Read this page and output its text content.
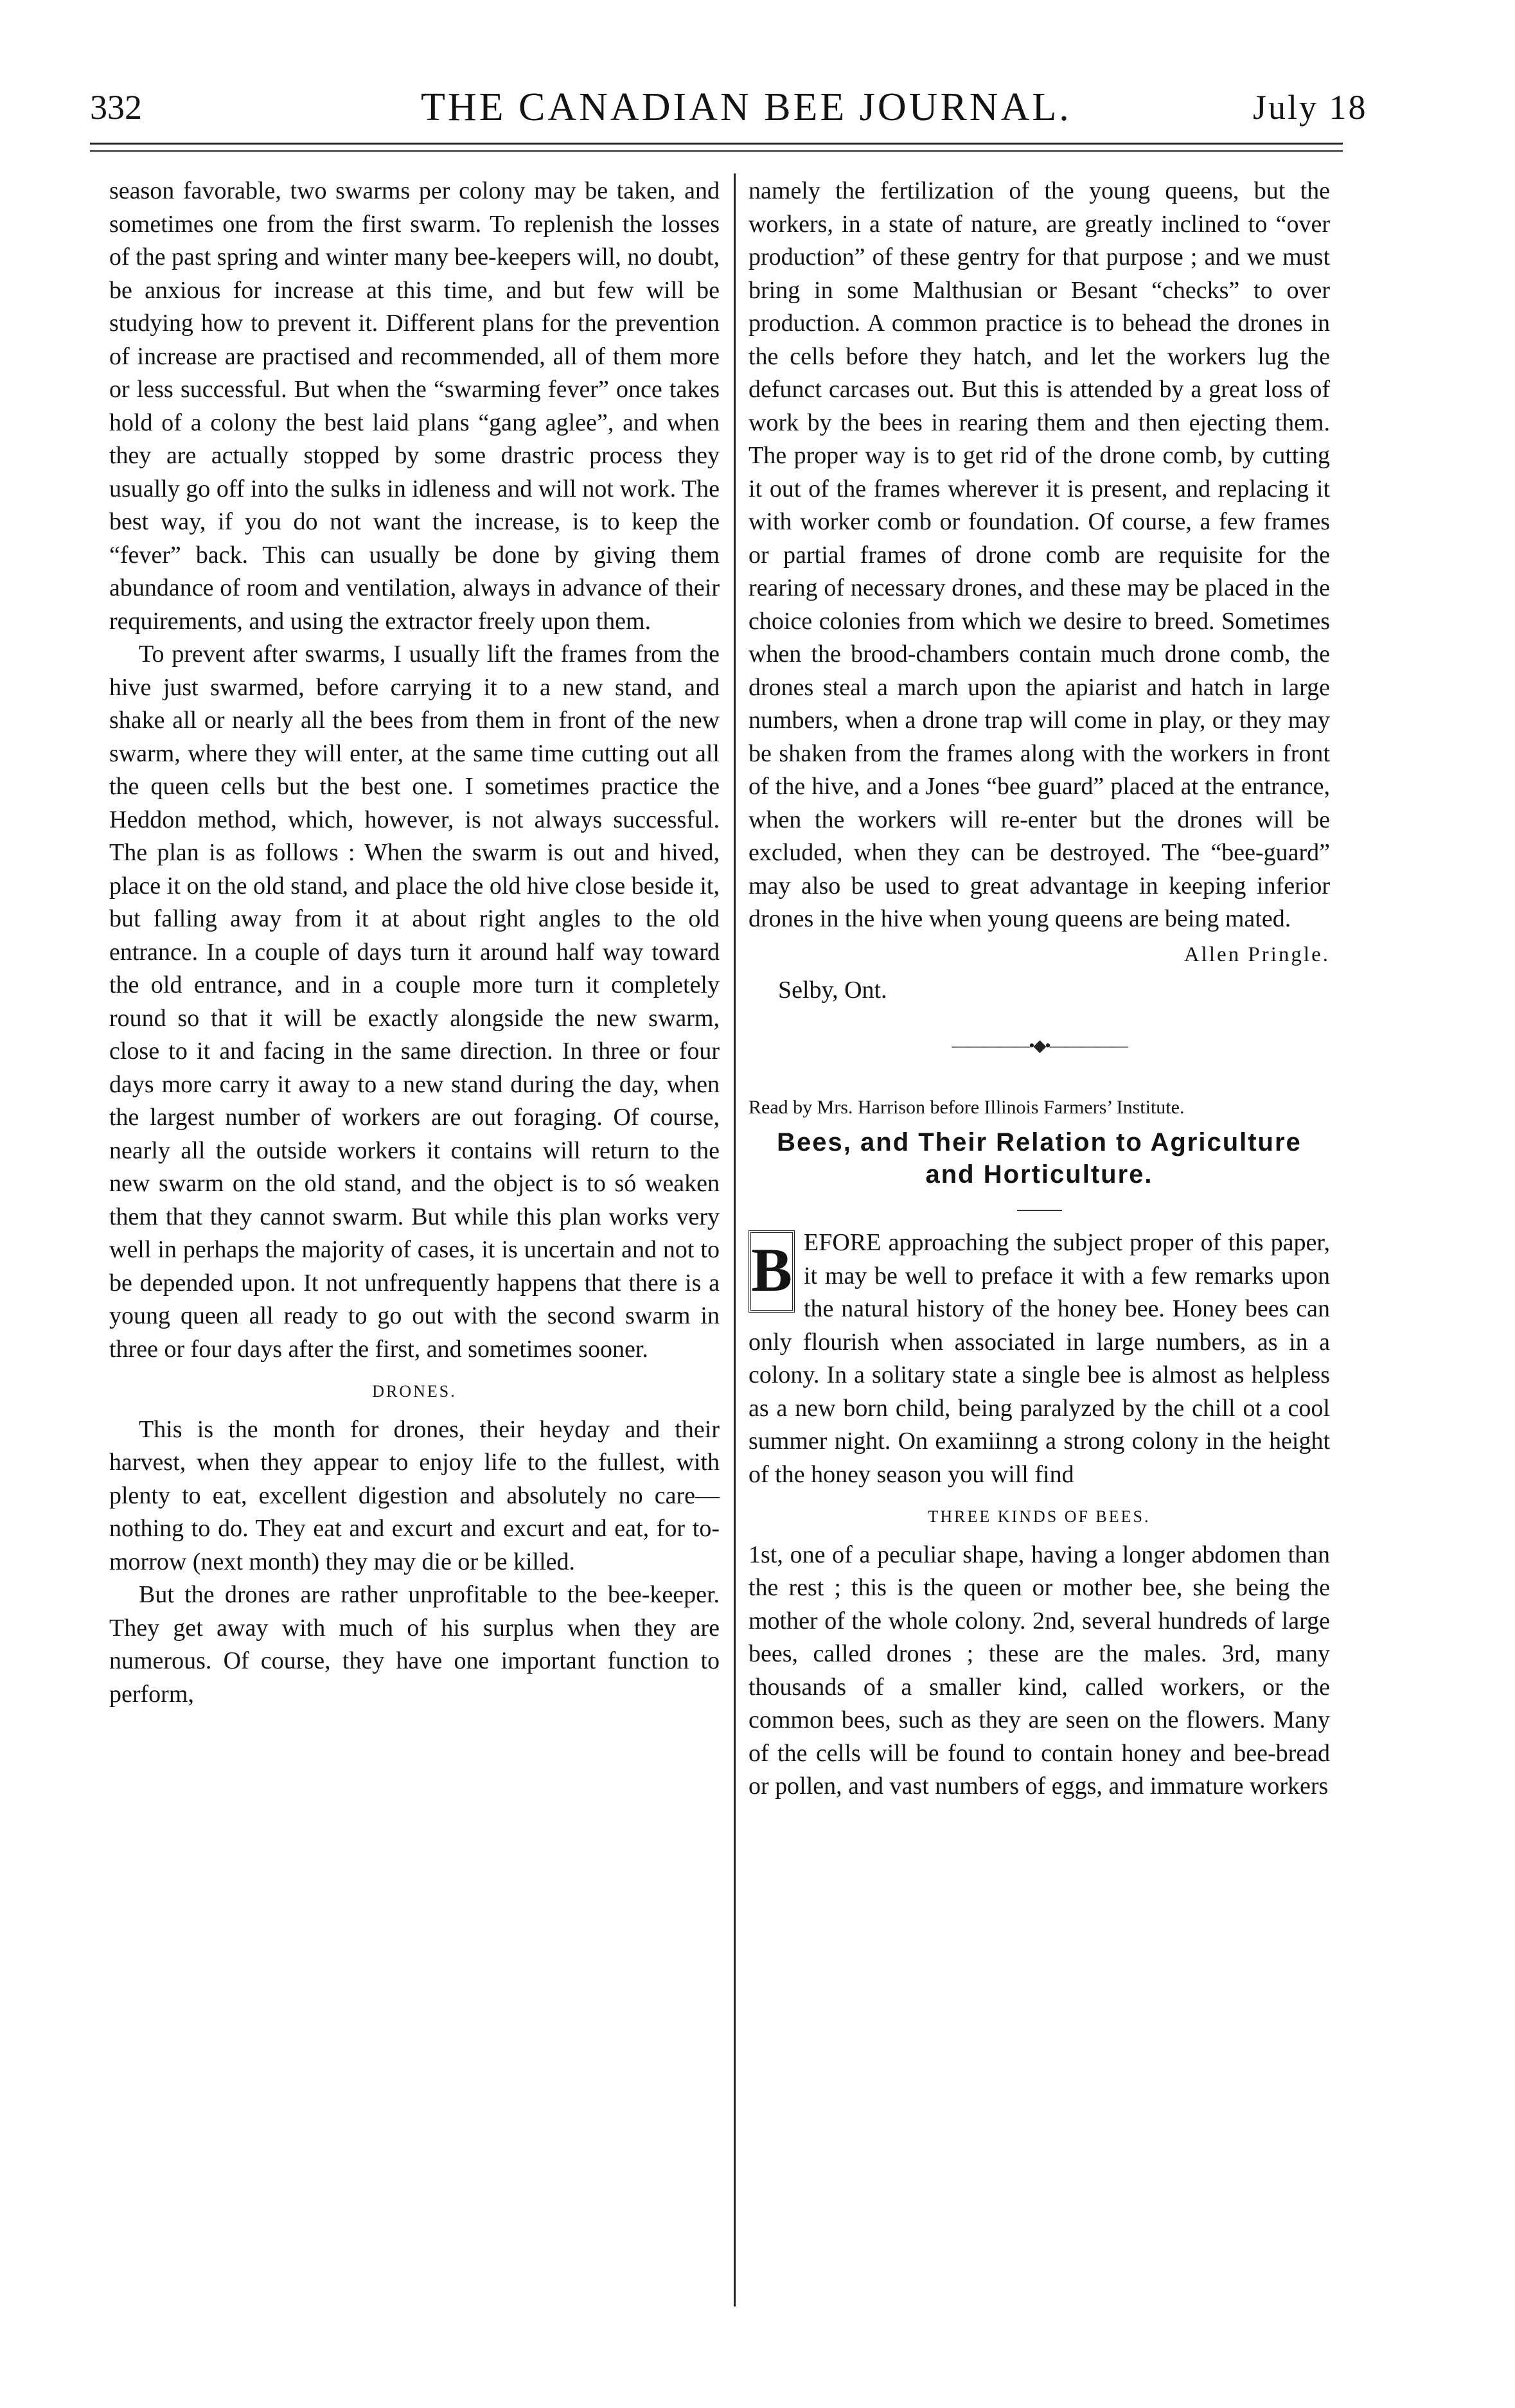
332	THE CANADIAN BEE JOURNAL.	July 18

season favorable, two swarms per colony may be taken, and sometimes one from the first swarm. To replenish the losses of the past spring and winter many bee-keepers will, no doubt, be anxious for increase at this time, and but few will be studying how to prevent it. Different plans for the prevention of increase are practised and recommended, all of them more or less successful. But when the “swarming fever” once takes hold of a colony the best laid plans “gang aglee”, and when they are actually stopped by some drastric process they usually go off into the sulks in idleness and will not work. The best way, if you do not want the increase, is to keep the “fever” back. This can usually be done by giving them abundance of room and ventilation, always in advance of their requirements, and using the extractor freely upon them.

To prevent after swarms, I usually lift the frames from the hive just swarmed, before carrying it to a new stand, and shake all or nearly all the bees from them in front of the new swarm, where they will enter, at the same time cutting out all the queen cells but the best one. I sometimes practice the Heddon method, which, however, is not always successful. The plan is as follows : When the swarm is out and hived, place it on the old stand, and place the old hive close beside it, but falling away from it at about right angles to the old entrance. In a couple of days turn it around half way toward the old entrance, and in a couple more turn it completely round so that it will be exactly alongside the new swarm, close to it and facing in the same direction. In three or four days more carry it away to a new stand during the day, when the largest number of workers are out foraging. Of course, nearly all the outside workers it contains will return to the new swarm on the old stand, and the object is to só weaken them that they cannot swarm. But while this plan works very well in perhaps the majority of cases, it is uncertain and not to be depended upon. It not unfrequently happens that there is a young queen all ready to go out with the second swarm in three or four days after the first, and sometimes sooner.

DRONES.

This is the month for drones, their heyday and their harvest, when they appear to enjoy life to the fullest, with plenty to eat, excellent digestion and absolutely no care—nothing to do. They eat and excurt and excurt and eat, for to-morrow (next month) they may die or be killed.

But the drones are rather unprofitable to the bee-keeper. They get away with much of his surplus when they are numerous. Of course, they have one important function to perform,

namely the fertilization of the young queens, but the workers, in a state of nature, are greatly inclined to “over production” of these gentry for that purpose ; and we must bring in some Malthusian or Besant “checks” to over production. A common practice is to behead the drones in the cells before they hatch, and let the workers lug the defunct carcases out. But this is attended by a great loss of work by the bees in rearing them and then ejecting them. The proper way is to get rid of the drone comb, by cutting it out of the frames wherever it is present, and replacing it with worker comb or foundation. Of course, a few frames or partial frames of drone comb are requisite for the rearing of necessary drones, and these may be placed in the choice colonies from which we desire to breed. Sometimes when the brood-chambers contain much drone comb, the drones steal a march upon the apiarist and hatch in large numbers, when a drone trap will come in play, or they may be shaken from the frames along with the workers in front of the hive, and a Jones “bee guard” placed at the entrance, when the workers will re-enter but the drones will be excluded, when they can be destroyed. The “bee-guard” may also be used to great advantage in keeping inferior drones in the hive when young queens are being mated.

Allen Pringle.
Selby, Ont.
—————•◆•—————
Read by Mrs. Harrison before Illinois Farmers’ Institute.
Bees, and Their Relation to Agriculture and Horticulture.
B EFORE approaching the subject proper of this paper, it may be well to preface it with a few remarks upon the natural history of the honey bee. Honey bees can only flourish when associated in large numbers, as in a colony. In a solitary state a single bee is almost as helpless as a new born child, being paralyzed by the chill ot a cool summer night. On examiinng a strong colony in the height of the honey season you will find

THREE KINDS OF BEES.

1st, one of a peculiar shape, having a longer abdomen than the rest ; this is the queen or mother bee, she being the mother of the whole colony. 2nd, several hundreds of large bees, called drones ; these are the males. 3rd, many thousands of a smaller kind, called workers, or the common bees, such as they are seen on the flowers. Many of the cells will be found to contain honey and bee-bread or pollen, and vast numbers of eggs, and immature workers
